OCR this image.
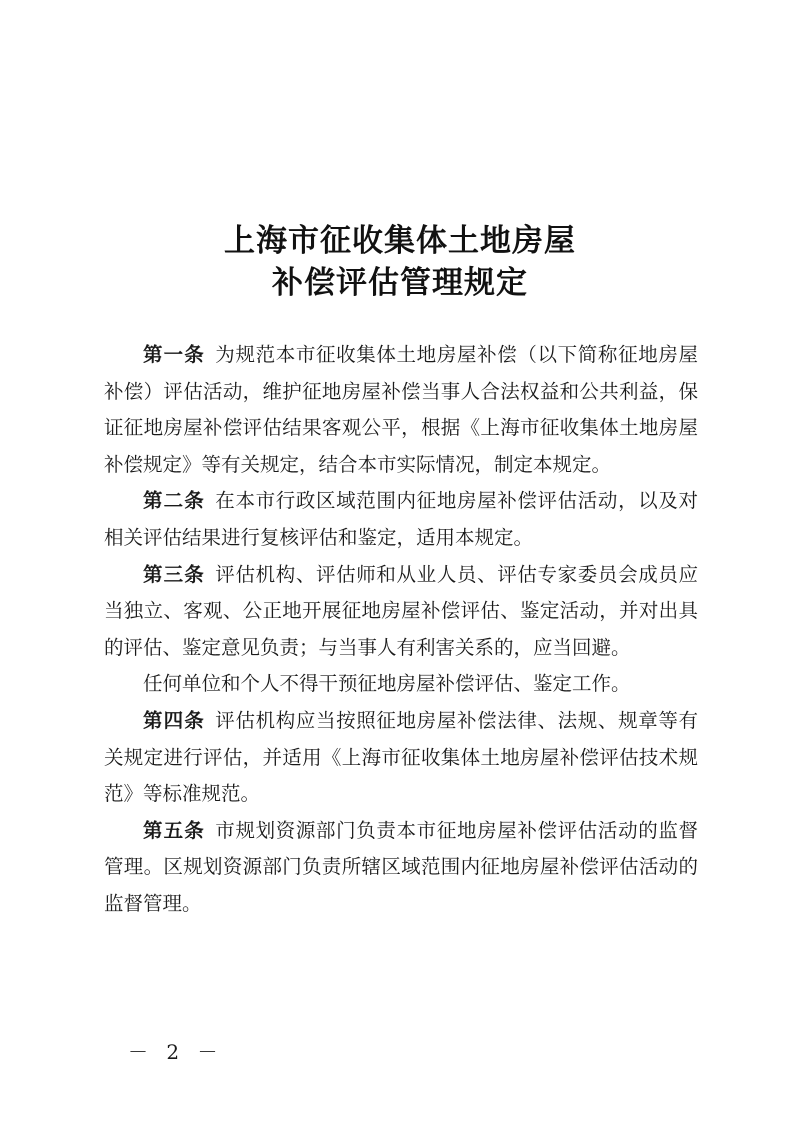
上海市征收集体土地房屋
补偿评估管理规定

第一条  为规范本市征收集体土地房屋补偿（以下简称征地房屋补偿）评估活动，维护征地房屋补偿当事人合法权益和公共利益，保证征地房屋补偿评估结果客观公平，根据《上海市征收集体土地房屋补偿规定》等有关规定，结合本市实际情况，制定本规定。

第二条  在本市行政区域范围内征地房屋补偿评估活动，以及对相关评估结果进行复核评估和鉴定，适用本规定。

第三条  评估机构、评估师和从业人员、评估专家委员会成员应当独立、客观、公正地开展征地房屋补偿评估、鉴定活动，并对出具的评估、鉴定意见负责；与当事人有利害关系的，应当回避。

任何单位和个人不得干预征地房屋补偿评估、鉴定工作。

第四条  评估机构应当按照征地房屋补偿法律、法规、规章等有关规定进行评估，并适用《上海市征收集体土地房屋补偿评估技术规范》等标准规范。

第五条  市规划资源部门负责本市征地房屋补偿评估活动的监督管理。区规划资源部门负责所辖区域范围内征地房屋补偿评估活动的监督管理。

－ 2 －
